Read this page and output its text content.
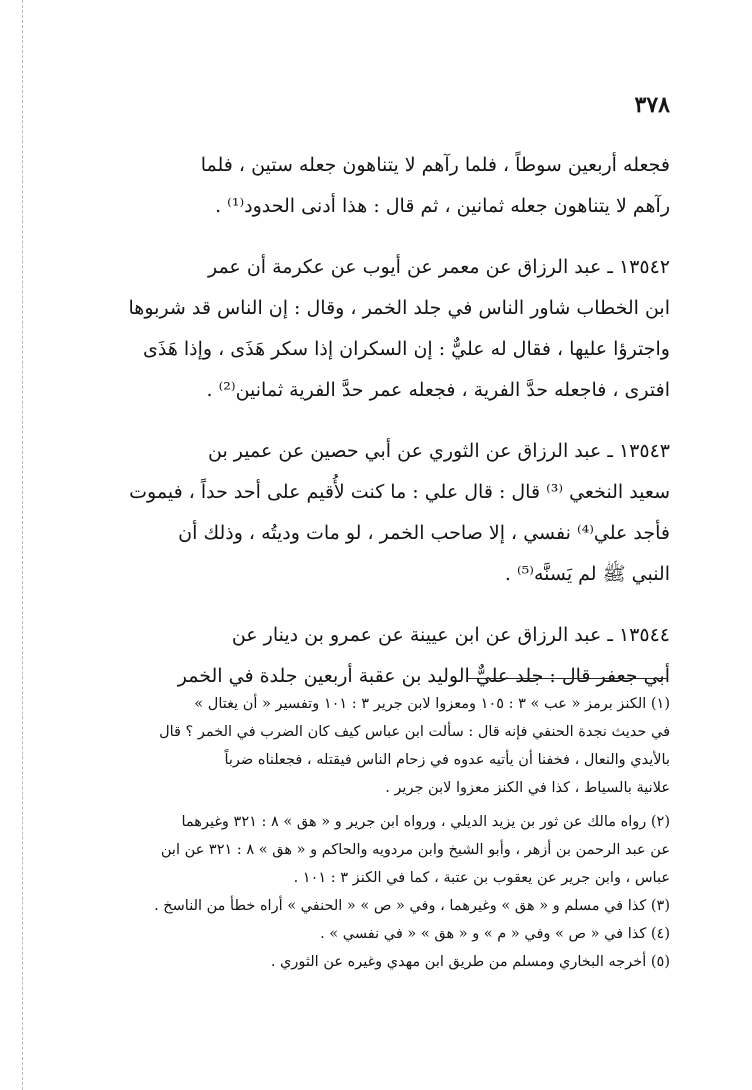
٣٧٨

فجعله أربعين سوطاً ، فلما رآهم لا يتناهون جعله ستين ، فلما
رآهم لا يتناهون جعله ثمانين ، ثم قال : هذا أدنى الحدود⁽¹⁾ .

١٣٥٤٢ ـ عبد الرزاق عن معمر عن أيوب عن عكرمة أن عمر
ابن الخطاب شاور الناس في جلد الخمر ، وقال : إن الناس قد شربوها
واجترؤا عليها ، فقال له عليٌّ : إن السكران إذا سكر هَذَى ، وإذا هَذَى
افترى ، فاجعله حدَّ الفرية ، فجعله عمر حدَّ الفرية ثمانين⁽²⁾ .

١٣٥٤٣ ـ عبد الرزاق عن الثوري عن أبي حصين عن عمير بن
سعيد النخعي ⁽³⁾ قال : قال علي : ما كنت لأُقيم على أحد حداً ، فيموت
فأجد علي⁽⁴⁾ نفسي ، إلا صاحب الخمر ، لو مات وديتُه ، وذلك أن
النبي ﷺ لم يَسنَّه⁽⁵⁾ .

١٣٥٤٤ ـ عبد الرزاق عن ابن عيينة عن عمرو بن دينار عن
أبي جعفر قال : جلد عليٌّ الوليد بن عقبة أربعين جلدة في الخمر

(١) الكنز برمز « عب » ٣ : ١٠٥ ومعزوا لابن جرير ٣ : ١٠١ وتفسير « أن يغتال »
في حديث نجدة الحنفي فإنه قال : سألت ابن عباس كيف كان الضرب في الخمر ؟ قال
بالأيدي والنعال ، فخفنا أن يأتيه عدوه في زحام الناس فيقتله ، فجعلناه ضرباً
علانية بالسياط ، كذا في الكنز معزوا لابن جرير .

(٢) رواه مالك عن ثور بن يزيد الديلي ، ورواه ابن جرير و « هق » ٨ : ٣٢١ وغيرهما
عن عبد الرحمن بن أزهر ، وأبو الشيخ وابن مردويه والحاكم و « هق » ٨ : ٣٢١ عن ابن
عباس ، وابن جرير عن يعقوب بن عتبة ، كما في الكنز ٣ : ١٠١ .

(٣) كذا في مسلم و « هق » وغيرهما ، وفي « ص » « الحنفي » أراه خطأ من الناسخ .

(٤) كذا في « ص » وفي « م » و « هق » « في نفسي » .

(٥) أخرجه البخاري ومسلم من طريق ابن مهدي وغيره عن الثوري .
